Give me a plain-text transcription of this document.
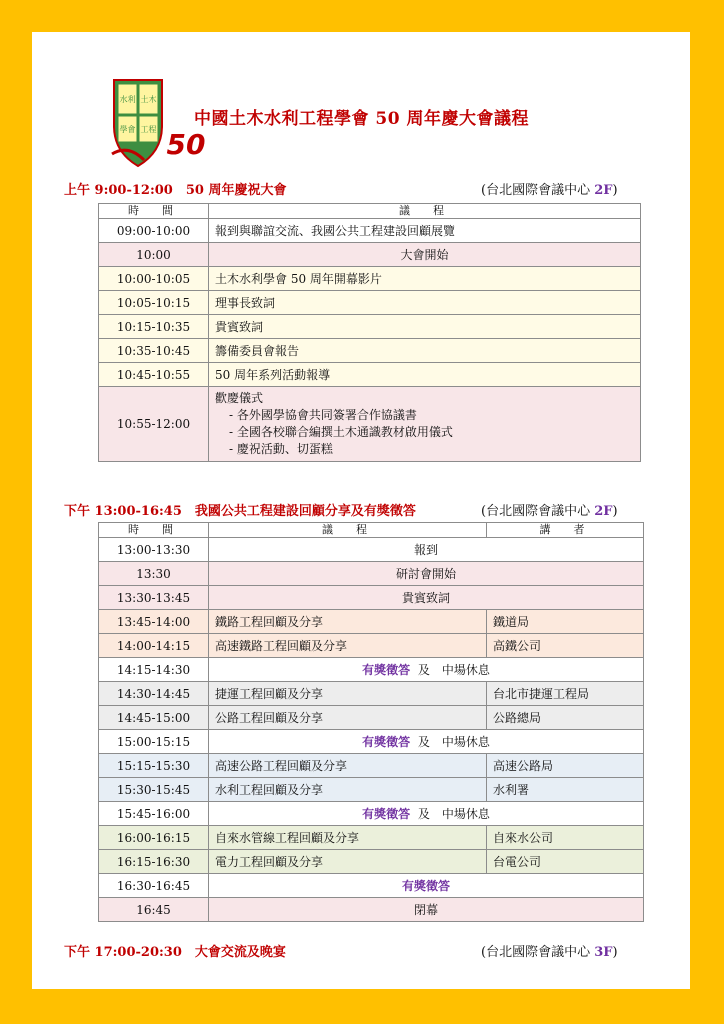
水利 土木
學會 工程 50
中國土木水利工程學會 50 周年慶大會議程
上午 9:00-12:00　50 周年慶祝大會	(台北國際會議中心 2F)
時　間	議　程
09:00-10:00	報到與聯誼交流、我國公共工程建設回顧展覽
10:00	大會開始
10:00-10:05	土木水利學會 50 周年開幕影片
10:05-10:15	理事長致詞
10:15-10:35	貴賓致詞
10:35-10:45	籌備委員會報告
10:45-10:55	50 周年系列活動報導
10:55-12:00	歡慶儀式
- 各外國學協會共同簽署合作協議書
- 全國各校聯合編撰土木通識教材啟用儀式
- 慶祝活動、切蛋糕
下午 13:00-16:45　我國公共工程建設回顧分享及有獎徵答	(台北國際會議中心 2F)
時　間	議　程	講　者
13:00-13:30	報到	
13:30	研討會開始	
13:30-13:45	貴賓致詞	
13:45-14:00	鐵路工程回顧及分享	鐵道局
14:00-14:15	高速鐵路工程回顧及分享	高鐵公司
14:15-14:30	有獎徵答 及　中場休息	
14:30-14:45	捷運工程回顧及分享	台北市捷運工程局
14:45-15:00	公路工程回顧及分享	公路總局
15:00-15:15	有獎徵答 及　中場休息	
15:15-15:30	高速公路工程回顧及分享	高速公路局
15:30-15:45	水利工程回顧及分享	水利署
15:45-16:00	有獎徵答 及　中場休息	
16:00-16:15	自來水管線工程回顧及分享	自來水公司
16:15-16:30	電力工程回顧及分享	台電公司
16:30-16:45	有獎徵答	
16:45	閉幕	
下午 17:00-20:30　大會交流及晚宴	(台北國際會議中心 3F)
